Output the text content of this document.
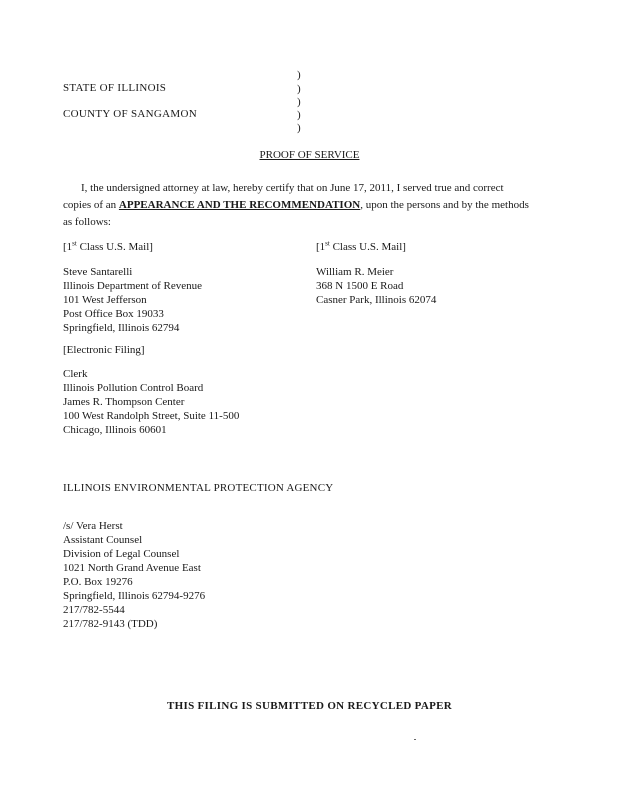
)
)
)
)
)
STATE OF ILLINOIS
COUNTY OF SANGAMON
PROOF OF SERVICE
I, the undersigned attorney at law, hereby certify that on June 17, 2011, I served true and correct copies of an APPEARANCE AND THE RECOMMENDATION, upon the persons and by the methods as follows:
[1st Class U.S. Mail]	[1st Class U.S. Mail]
Steve Santarelli
Illinois Department of Revenue
101 West Jefferson
Post Office Box 19033
Springfield, Illinois 62794
William R. Meier
368 N 1500 E Road
Casner Park, Illinois 62074
[Electronic Filing]
Clerk
Illinois Pollution Control Board
James R. Thompson Center
100 West Randolph Street, Suite 11-500
Chicago, Illinois 60601
ILLINOIS ENVIRONMENTAL PROTECTION AGENCY
/s/ Vera Herst
Assistant Counsel
Division of Legal Counsel
1021 North Grand Avenue East
P.O. Box 19276
Springfield, Illinois 62794-9276
217/782-5544
217/782-9143 (TDD)
THIS FILING IS SUBMITTED ON RECYCLED PAPER
